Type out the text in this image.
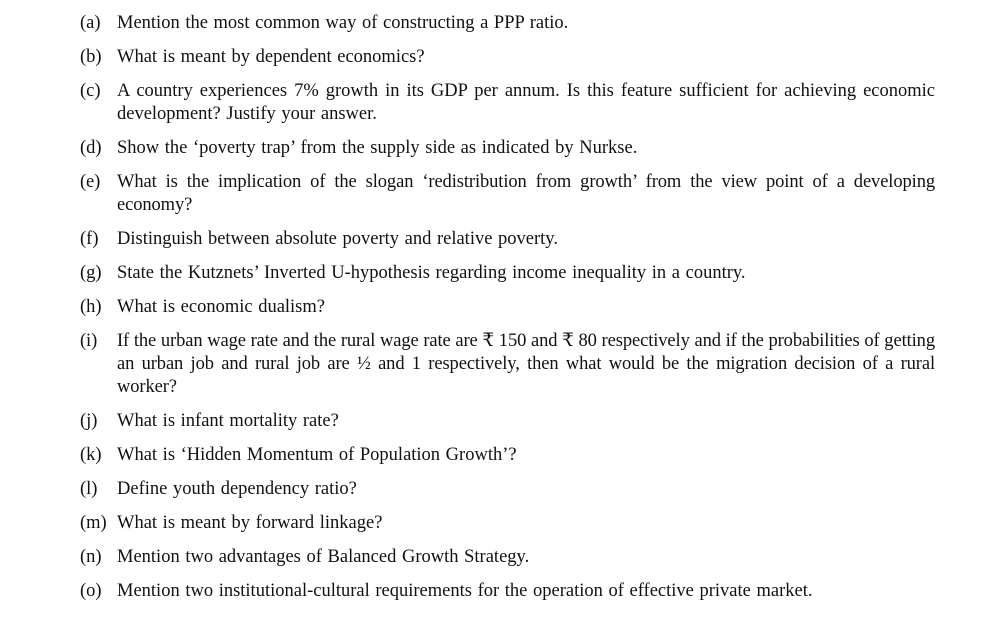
(a) Mention the most common way of constructing a PPP ratio.
(b) What is meant by dependent economics?
(c) A country experiences 7% growth in its GDP per annum. Is this feature sufficient for achieving economic development? Justify your answer.
(d) Show the ‘poverty trap’ from the supply side as indicated by Nurkse.
(e) What is the implication of the slogan ‘redistribution from growth’ from the view point of a developing economy?
(f) Distinguish between absolute poverty and relative poverty.
(g) State the Kutznets’ Inverted U-hypothesis regarding income inequality in a country.
(h) What is economic dualism?
(i) If the urban wage rate and the rural wage rate are ₹ 150 and ₹ 80 respectively and if the probabilities of getting an urban job and rural job are ½ and 1 respectively, then what would be the migration decision of a rural worker?
(j) What is infant mortality rate?
(k) What is ‘Hidden Momentum of Population Growth’?
(l) Define youth dependency ratio?
(m) What is meant by forward linkage?
(n) Mention two advantages of Balanced Growth Strategy.
(o) Mention two institutional-cultural requirements for the operation of effective private market.
